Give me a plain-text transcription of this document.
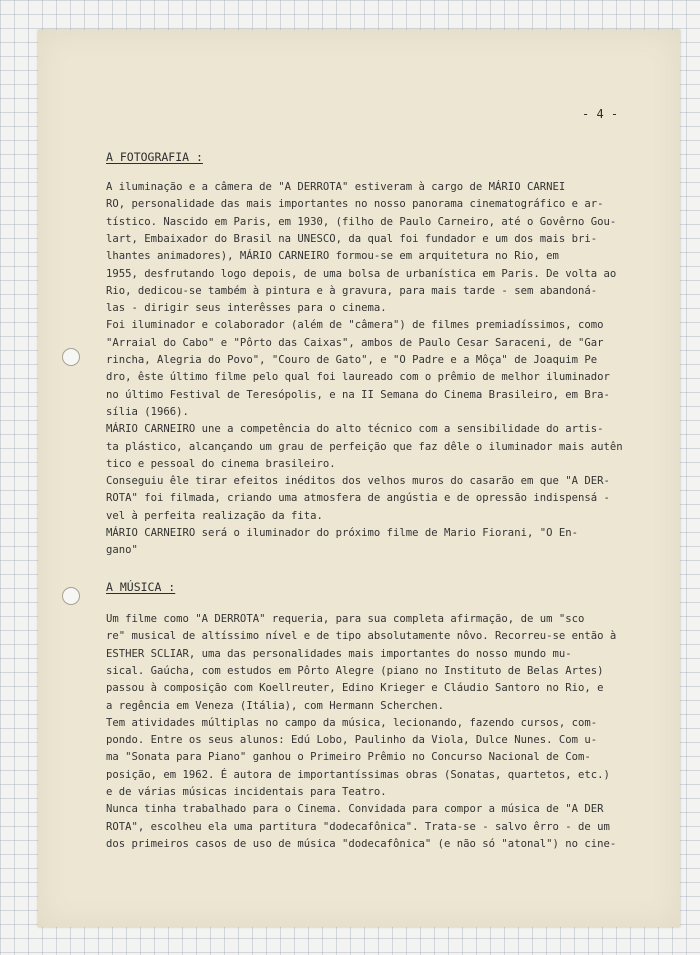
- 4 -
A FOTOGRAFIA :
A iluminação e a câmera de "A DERROTA" estiveram à cargo de MÁRIO CARNEI
RO, personalidade das mais importantes no nosso panorama cinematográfico e ar-
tístico. Nascido em Paris, em 1930, (filho de Paulo Carneiro, até o Govêrno Gou-
lart, Embaixador do Brasil na UNESCO, da qual foi fundador e um dos mais bri-
lhantes animadores), MÁRIO CARNEIRO formou-se em arquitetura no Rio, em
1955, desfrutando logo depois, de uma bolsa de urbanística em Paris. De volta ao
Rio, dedicou-se também à pintura e à gravura, para mais tarde - sem abandoná-
las - dirigir seus interêsses para o cinema.
Foi iluminador e colaborador (além de "câmera") de filmes premiadíssimos, como
"Arraial do Cabo" e "Pôrto das Caixas", ambos de Paulo Cesar Saraceni, de "Gar
rincha, Alegria do Povo", "Couro de Gato", e "O Padre e a Môça" de Joaquim Pe
dro, êste último filme pelo qual foi laureado com o prêmio de melhor iluminador
no último Festival de Teresópolis, e na II Semana do Cinema Brasileiro, em Bra-
sília (1966).
MÁRIO CARNEIRO une a competência do alto técnico com a sensibilidade do artis-
ta plástico, alcançando um grau de perfeição que faz dêle o iluminador mais autên
tico e pessoal do cinema brasileiro.
Conseguiu êle tirar efeitos inéditos dos velhos muros do casarão em que "A DER-
ROTA" foi filmada, criando uma atmosfera de angústia e de opressão indispensá -
vel à perfeita realização da fita.
MÁRIO CARNEIRO será o iluminador do próximo filme de Mario Fiorani, "O En-
gano"
A MÚSICA :
Um filme como "A DERROTA" requeria, para sua completa afirmação, de um "sco
re" musical de altíssimo nível e de tipo absolutamente nôvo. Recorreu-se então à
ESTHER SCLIAR, uma das personalidades mais importantes do nosso mundo mu-
sical. Gaúcha, com estudos em Pôrto Alegre (piano no Instituto de Belas Artes)
passou à composição com Koellreuter, Edino Krieger e Cláudio Santoro no Rio, e
a regência em Veneza (Itália), com Hermann Scherchen.
Tem atividades múltiplas no campo da música, lecionando, fazendo cursos, com-
pondo. Entre os seus alunos: Edú Lobo, Paulinho da Viola, Dulce Nunes. Com u-
ma "Sonata para Piano" ganhou o Primeiro Prêmio no Concurso Nacional de Com-
posição, em 1962. É autora de importantíssimas obras (Sonatas, quartetos, etc.)
e de várias músicas incidentais para Teatro.
Nunca tinha trabalhado para o Cinema. Convidada para compor a música de "A DER
ROTA", escolheu ela uma partitura "dodecafônica". Trata-se - salvo êrro - de um
dos primeiros casos de uso de música "dodecafônica" (e não só "atonal") no cine-
